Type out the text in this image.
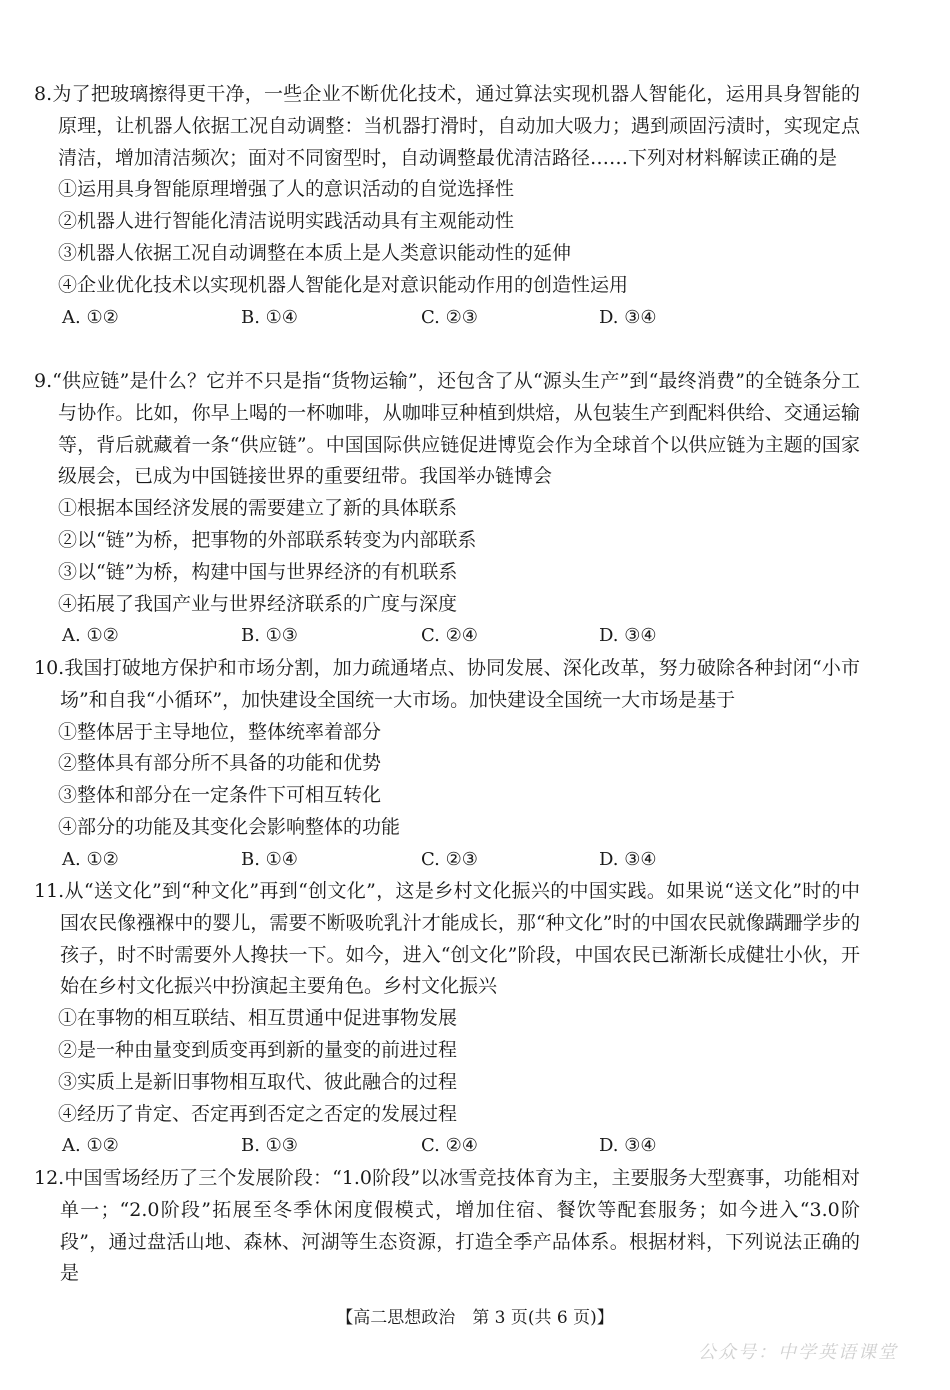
8.为了把玻璃擦得更干净，一些企业不断优化技术，通过算法实现机器人智能化，运用具身智能的原理，让机器人依据工况自动调整：当机器打滑时，自动加大吸力；遇到顽固污渍时，实现定点清洁，增加清洁频次；面对不同窗型时，自动调整最优清洁路径……下列对材料解读正确的是

①运用具身智能原理增强了人的意识活动的自觉选择性

②机器人进行智能化清洁说明实践活动具有主观能动性

③机器人依据工况自动调整在本质上是人类意识能动性的延伸

④企业优化技术以实现机器人智能化是对意识能动作用的创造性运用

A. ①②	B. ①④	C. ②③	D. ③④

9.“供应链”是什么？它并不只是指“货物运输”，还包含了从“源头生产”到“最终消费”的全链条分工与协作。比如，你早上喝的一杯咖啡，从咖啡豆种植到烘焙，从包装生产到配料供给、交通运输等，背后就藏着一条“供应链”。中国国际供应链促进博览会作为全球首个以供应链为主题的国家级展会，已成为中国链接世界的重要纽带。我国举办链博会

①根据本国经济发展的需要建立了新的具体联系

②以“链”为桥，把事物的外部联系转变为内部联系

③以“链”为桥，构建中国与世界经济的有机联系

④拓展了我国产业与世界经济联系的广度与深度

A. ①②	B. ①③	C. ②④	D. ③④

10.我国打破地方保护和市场分割，加力疏通堵点、协同发展、深化改革，努力破除各种封闭“小市场”和自我“小循环”，加快建设全国统一大市场。加快建设全国统一大市场是基于

①整体居于主导地位，整体统率着部分

②整体具有部分所不具备的功能和优势

③整体和部分在一定条件下可相互转化

④部分的功能及其变化会影响整体的功能

A. ①②	B. ①④	C. ②③	D. ③④

11.从“送文化”到“种文化”再到“创文化”，这是乡村文化振兴的中国实践。如果说“送文化”时的中国农民像襁褓中的婴儿，需要不断吸吮乳汁才能成长，那“种文化”时的中国农民就像蹒跚学步的孩子，时不时需要外人搀扶一下。如今，进入“创文化”阶段，中国农民已渐渐长成健壮小伙，开始在乡村文化振兴中扮演起主要角色。乡村文化振兴

①在事物的相互联结、相互贯通中促进事物发展

②是一种由量变到质变再到新的量变的前进过程

③实质上是新旧事物相互取代、彼此融合的过程

④经历了肯定、否定再到否定之否定的发展过程

A. ①②	B. ①③	C. ②④	D. ③④

12.中国雪场经历了三个发展阶段：“1.0阶段”以冰雪竞技体育为主，主要服务大型赛事，功能相对单一；“2.0阶段”拓展至冬季休闲度假模式，增加住宿、餐饮等配套服务；如今进入“3.0阶段”，通过盘活山地、森林、河湖等生态资源，打造全季产品体系。根据材料，下列说法正确的是

【高二思想政治　第 3 页(共 6 页)】
公众号：中学英语课堂
